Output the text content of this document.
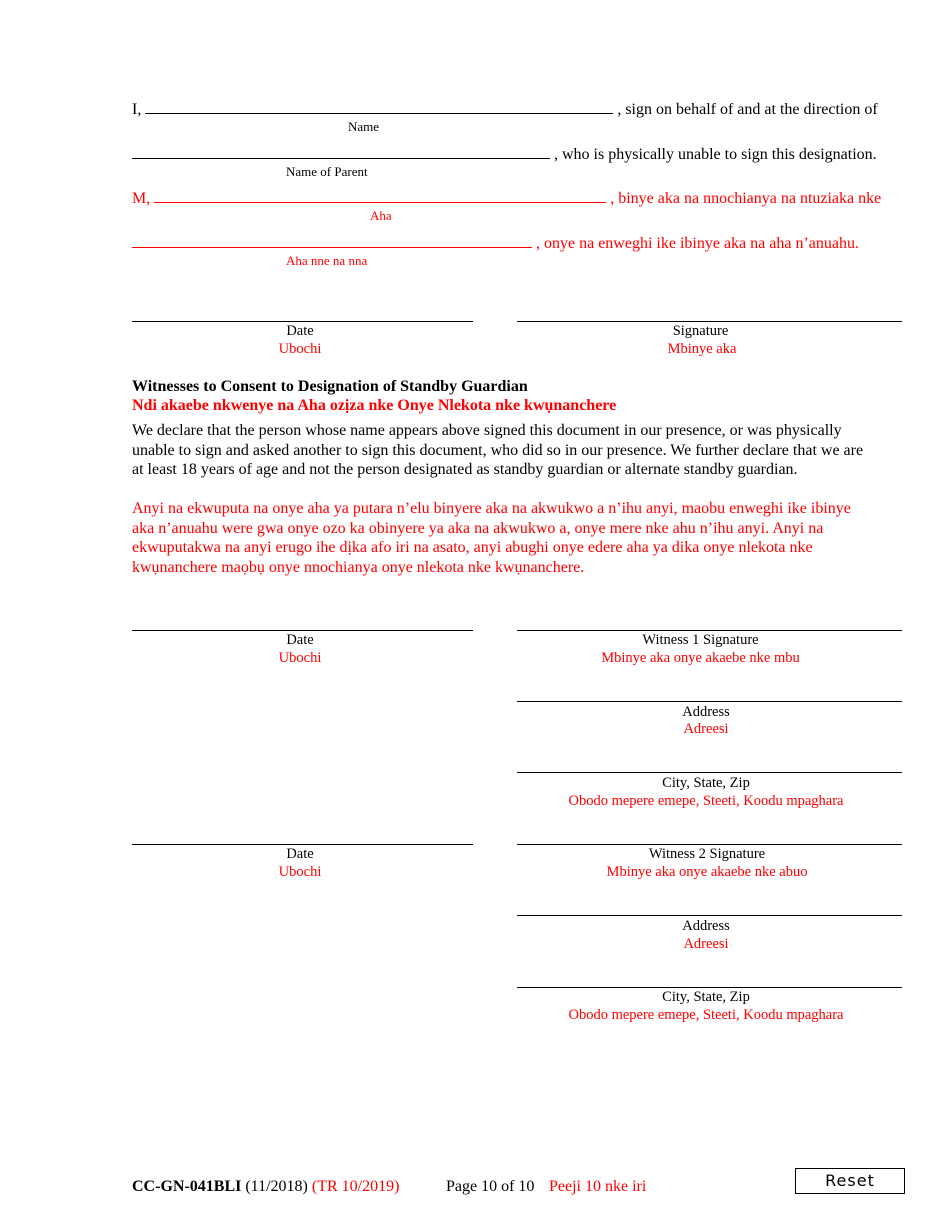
I,	, sign on behalf of and at the direction of
Name
, who is physically unable to sign this designation.
Name of Parent
M,	, binye aka na nnochianya na ntuziaka nke
Aha
, onye na enweghi ike ibinye aka na aha n’anuahu.
Aha nne na nna
Date
Ubochi
Signature
Mbinye aka
Witnesses to Consent to Designation of Standby Guardian
Ndi akaebe nkwenye na Aha ozịza nke Onye Nlekota nke kwụnanchere
We declare that the person whose name appears above signed this document in our presence, or was physically unable to sign and asked another to sign this document, who did so in our presence. We further declare that we are at least 18 years of age and not the person designated as standby guardian or alternate standby guardian.
Anyi na ekwuputa na onye aha ya putara n’elu binyere aka na akwukwo a n’ihu anyi, maobu enweghi ike ibinye aka n’anuahu were gwa onye ozo ka obinyere ya aka na akwukwo a, onye mere nke ahu n’ihu anyi. Anyi na ekwuputakwa na anyi erugo ihe dịka afo iri na asato, anyi abughi onye edere aha ya dika onye nlekota nke kwụnanchere maọbụ onye nnochianya onye nlekota nke kwụnanchere.
Date
Ubochi
Witness 1 Signature
Mbinye aka onye akaebe nke mbu
Address
Adreesi
City, State, Zip
Obodo mepere emepe, Steeti, Koodu mpaghara
Date
Ubochi
Witness 2 Signature
Mbinye aka onye akaebe nke abuo
Address
Adreesi
City, State, Zip
Obodo mepere emepe, Steeti, Koodu mpaghara
CC-GN-041BLI (11/2018) (TR 10/2019)	Page 10 of 10 Peeji 10 nke iri	Reset
